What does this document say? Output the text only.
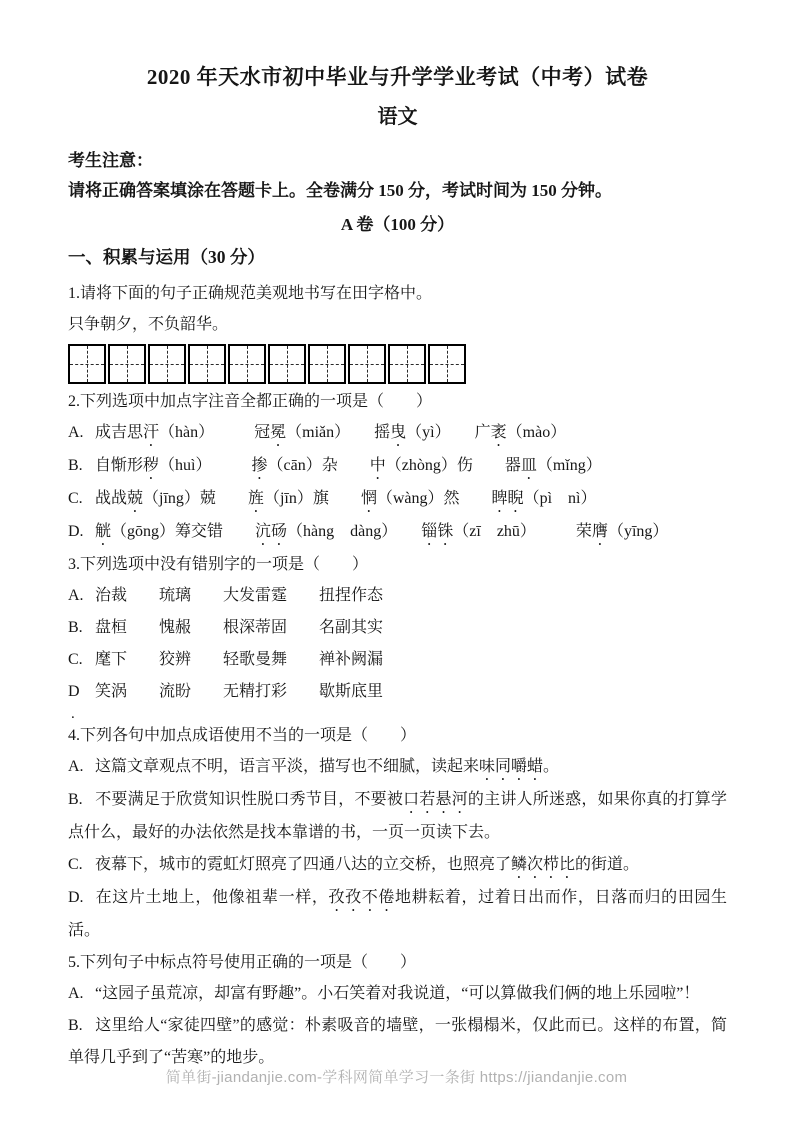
2020 年天水市初中毕业与升学学业考试（中考）试卷
语文

考生注意：

请将正确答案填涂在答题卡上。全卷满分 150 分，考试时间为 150 分钟。

A 卷（100 分）

一、积累与运用（30 分）

1.请将下面的句子正确规范美观地书写在田字格中。

只争朝夕，不负韶华。

2.下列选项中加点字注音全都正确的一项是（　　）

A. 成吉思汗（hàn）　　　冠冕（miǎn）　　摇曳（yì）　　广袤（mào）

B. 自惭形秽（huì）　　　掺（cān）杂　　中（zhòng）伤　　器皿（mǐng）

C. 战战兢（jīng）兢　　旌（jīn）旗　　惘（wàng）然　　睥睨（pì　nì）

D. 觥（gōng）筹交错　　沆砀（hàng　dàng）　　锱铢（zī　zhū）　　　荣膺（yīng）

3.下列选项中没有错别字的一项是（　　）

A. 治裁　　琉璃　　大发雷霆　　扭捏作态

B. 盘桓　　愧赧　　根深蒂固　　名副其实

C. 麾下　　狡辨　　轻歌曼舞　　褝补阙漏

D 笑涡　　流盼　　无精打彩　　歇斯底里

.

4.下列各句中加点成语使用不当的一项是（　　）

A. 这篇文章观点不明，语言平淡，描写也不细腻，读起来味同嚼蜡。

B. 不要满足于欣赏知识性脱口秀节目，不要被口若悬河的主讲人所迷惑，如果你真的打算学点什么，最好的办法依然是找本靠谱的书，一页一页读下去。

C. 夜幕下，城市的霓虹灯照亮了四通八达的立交桥，也照亮了鳞次栉比的街道。

D. 在这片土地上，他像祖辈一样，孜孜不倦地耕耘着，过着日出而作，日落而归的田园生活。

5.下列句子中标点符号使用正确的一项是（　　）

A. “这园子虽荒凉，却富有野趣”。小石笑着对我说道，“可以算做我们俩的地上乐园啦”！

B. 这里给人“家徒四壁”的感觉：朴素吸音的墙壁，一张榻榻米，仅此而已。这样的布置，简单得几乎到了“苦寒”的地步。

简单街-jiandanjie.com-学科网简单学习一条街 https://jiandanjie.com
